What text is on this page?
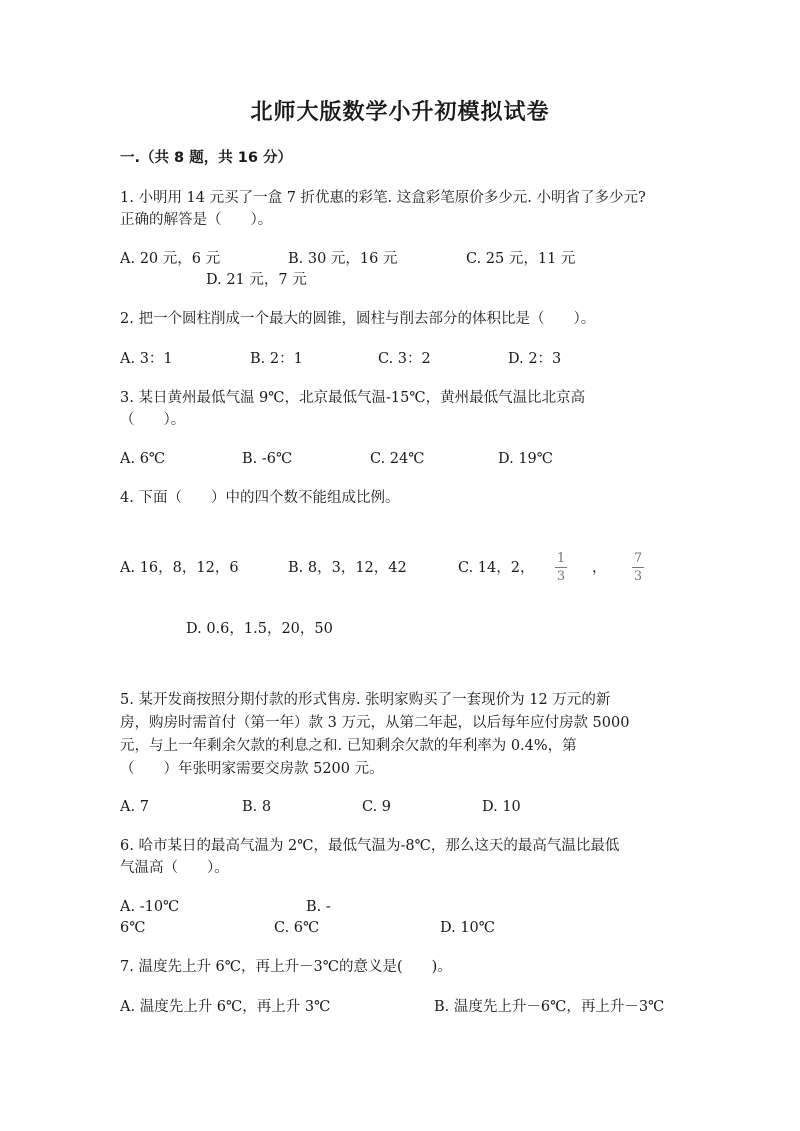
北师大版数学小升初模拟试卷
一.（共 8 题，共 16 分）
1. 小明用 14 元买了一盒 7 折优惠的彩笔. 这盒彩笔原价多少元. 小明省了多少元?
正确的解答是（　　）。
A. 20 元，6 元	B. 30 元，16 元	C. 25 元，11 元
D. 21 元，7 元
2. 把一个圆柱削成一个最大的圆锥，圆柱与削去部分的体积比是（　　）。
A. 3：1	B. 2：1	C. 3：2	D. 2：3
3. 某日黄州最低气温 9℃，北京最低气温-15℃，黄州最低气温比北京高
（　　）。
A. 6℃	B. -6℃	C. 24℃	D. 19℃
4. 下面（　　）中的四个数不能组成比例。
A. 16，8，12，6	B. 8，3，12，42	C. 14，2，
1
3
，
7
3
D. 0.6，1.5，20，50
5. 某开发商按照分期付款的形式售房. 张明家购买了一套现价为 12 万元的新
房，购房时需首付（第一年）款 3 万元，从第二年起，以后每年应付房款 5000
元，与上一年剩余欠款的利息之和. 已知剩余欠款的年利率为 0.4%，第
（　　）年张明家需要交房款 5200 元。
A. 7	B. 8	C. 9	D. 10
6. 哈市某日的最高气温为 2℃，最低气温为-8℃，那么这天的最高气温比最低
气温高（　　）。
A. -10℃	B. -
6℃	C. 6℃	D. 10℃
7. 温度先上升 6℃，再上升－3℃的意义是(　　)。
A. 温度先上升 6℃，再上升 3℃	B. 温度先上升－6℃，再上升－3℃
